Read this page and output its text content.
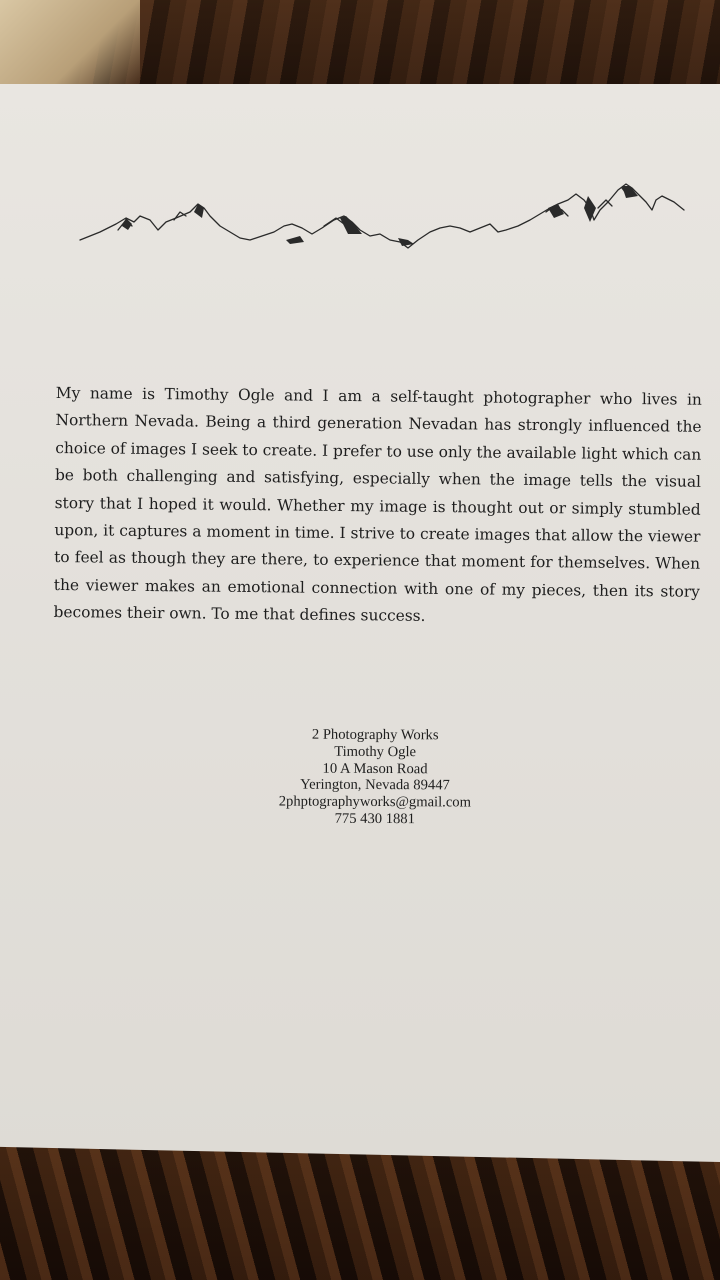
My name is Timothy Ogle and I am a self-taught photographer who lives in Northern Nevada. Being a third generation Nevadan has strongly influenced the choice of images I seek to create. I prefer to use only the available light which can be both challenging and satisfying, especially when the image tells the visual story that I hoped it would. Whether my image is thought out or simply stumbled upon, it captures a moment in time. I strive to create images that allow the viewer to feel as though they are there, to experience that moment for themselves. When the viewer makes an emotional connection with one of my pieces, then its story becomes their own. To me that defines success.

2 Photography Works
Timothy Ogle
10 A Mason Road
Yerington, Nevada 89447
2phptographyworks@gmail.com
775 430 1881
